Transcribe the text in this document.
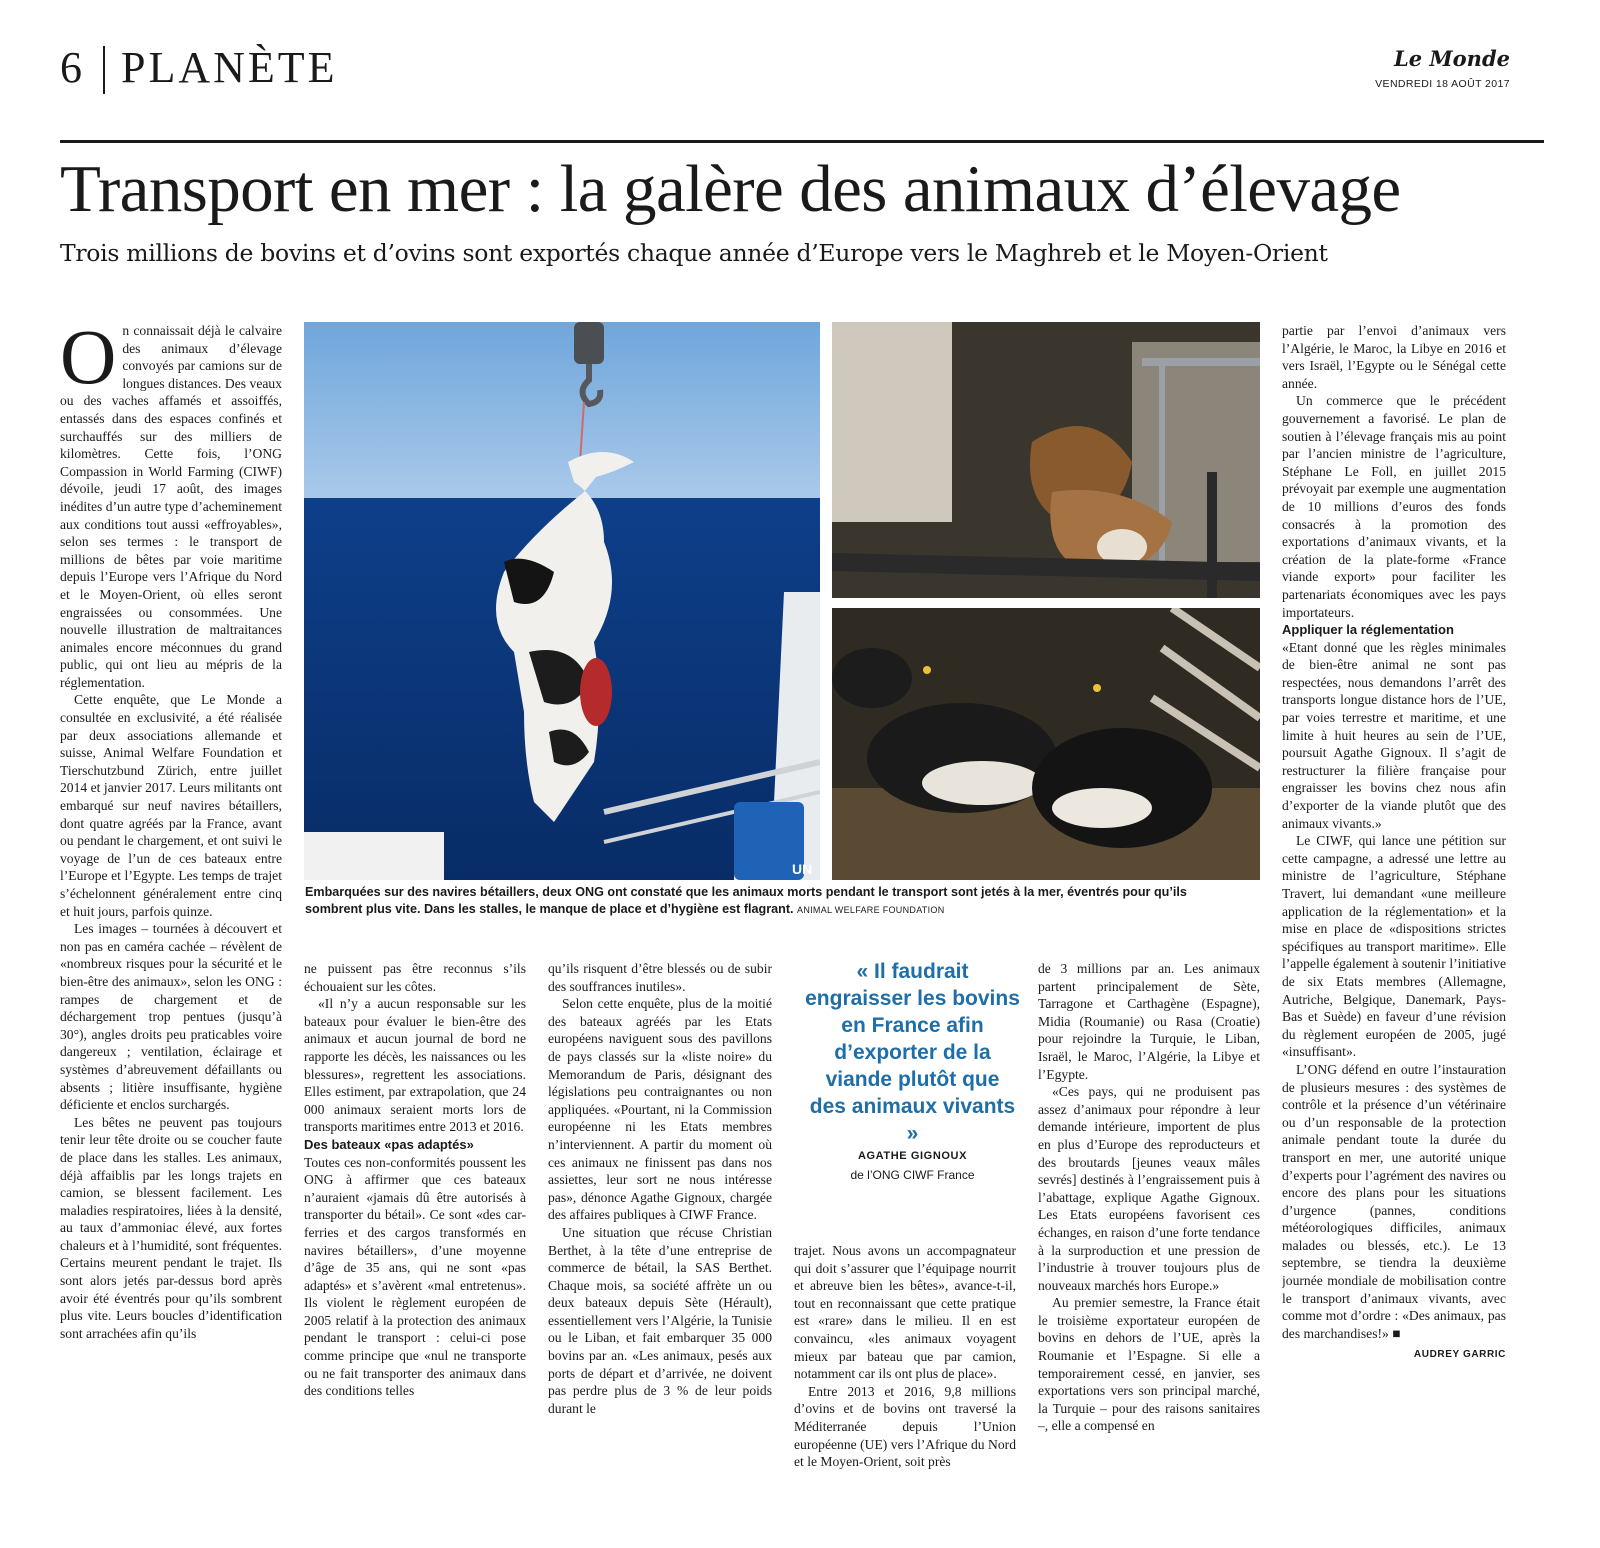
6 PLANÈTE	Le Monde
VENDREDI 18 AOÛT 2017
Transport en mer : la galère des animaux d’élevage
Trois millions de bovins et d’ovins sont exportés chaque année d’Europe vers le Maghreb et le Moyen-Orient
O n connaissait déjà le calvaire des animaux d’élevage convoyés par camions sur de longues distances. Des veaux ou des vaches affamés et assoiffés, entassés dans des espaces confinés et surchauffés sur des milliers de kilomètres. Cette fois, l’ONG Compassion in World Farming (CIWF) dévoile, jeudi 17 août, des images inédites d’un autre type d’acheminement aux conditions tout aussi «effroyables», selon ses termes : le transport de millions de bêtes par voie maritime depuis l’Europe vers l’Afrique du Nord et le Moyen-Orient, où elles seront engraissées ou consommées. Une nouvelle illustration de maltraitances animales encore méconnues du grand public, qui ont lieu au mépris de la réglementation.

Cette enquête, que Le Monde a consultée en exclusivité, a été réalisée par deux associations allemande et suisse, Animal Welfare Foundation et Tierschutzbund Zürich, entre juillet 2014 et janvier 2017. Leurs militants ont embarqué sur neuf navires bétaillers, dont quatre agréés par la France, avant ou pendant le chargement, et ont suivi le voyage de l’un de ces bateaux entre l’Europe et l’Egypte. Les temps de trajet s’échelonnent généralement entre cinq et huit jours, parfois quinze.

Les images – tournées à découvert et non pas en caméra cachée – révèlent de «nombreux risques pour la sécurité et le bien-être des animaux», selon les ONG : rampes de chargement et de déchargement trop pentues (jusqu’à 30°), angles droits peu praticables voire dangereux ; ventilation, éclairage et systèmes d’abreuvement défaillants ou absents ; litière insuffisante, hygiène déficiente et enclos surchargés.

Les bêtes ne peuvent pas toujours tenir leur tête droite ou se coucher faute de place dans les stalles. Les animaux, déjà affaiblis par les longs trajets en camion, se blessent facilement. Les maladies respiratoires, liées à la densité, au taux d’ammoniac élevé, aux fortes chaleurs et à l’humidité, sont fréquentes. Certains meurent pendant le trajet. Ils sont alors jetés par-dessus bord après avoir été éventrés pour qu’ils sombrent plus vite. Leurs boucles d’identification sont arrachées afin qu’ils

UN
Embarquées sur des navires bétaillers, deux ONG ont constaté que les animaux morts pendant le transport sont jetés à la mer, éventrés pour qu’ils sombrent plus vite. Dans les stalles, le manque de place et d’hygiène est flagrant. ANIMAL WELFARE FOUNDATION

ne puissent pas être reconnus s’ils échouaient sur les côtes.

«Il n’y a aucun responsable sur les bateaux pour évaluer le bien-être des animaux et aucun journal de bord ne rapporte les décès, les naissances ou les blessures», regrettent les associations. Elles estiment, par extrapolation, que 24 000 animaux seraient morts lors de transports maritimes entre 2013 et 2016.

Des bateaux «pas adaptés»

Toutes ces non-conformités poussent les ONG à affirmer que ces bateaux n’auraient «jamais dû être autorisés à transporter du bétail». Ce sont «des car-ferries et des cargos transformés en navires bétaillers», d’une moyenne d’âge de 35 ans, qui ne sont «pas adaptés» et s’avèrent «mal entretenus». Ils violent le règlement européen de 2005 relatif à la protection des animaux pendant le transport : celui-ci pose comme principe que «nul ne transporte ou ne fait transporter des animaux dans des conditions telles

qu’ils risquent d’être blessés ou de subir des souffrances inutiles».

Selon cette enquête, plus de la moitié des bateaux agréés par les Etats européens naviguent sous des pavillons de pays classés sur la «liste noire» du Memorandum de Paris, désignant des législations peu contraignantes ou non appliquées. «Pourtant, ni la Commission européenne ni les Etats membres n’interviennent. A partir du moment où ces animaux ne finissent pas dans nos assiettes, leur sort ne nous intéresse pas», dénonce Agathe Gignoux, chargée des affaires publiques à CIWF France.

Une situation que récuse Christian Berthet, à la tête d’une entreprise de commerce de bétail, la SAS Berthet. Chaque mois, sa société affrète un ou deux bateaux depuis Sète (Hérault), essentiellement vers l’Algérie, la Tunisie ou le Liban, et fait embarquer 35 000 bovins par an. «Les animaux, pesés aux ports de départ et d’arrivée, ne doivent pas perdre plus de 3 % de leur poids durant le

« Il faudrait engraisser les bovins en France afin d’exporter de la viande plutôt que des animaux vivants »
AGATHE GIGNOUX
de l’ONG CIWF France

trajet. Nous avons un accompagnateur qui doit s’assurer que l’équipage nourrit et abreuve bien les bêtes», avance-t-il, tout en reconnaissant que cette pratique est «rare» dans le milieu. Il en est convaincu, «les animaux voyagent mieux par bateau que par camion, notamment car ils ont plus de place».

Entre 2013 et 2016, 9,8 millions d’ovins et de bovins ont traversé la Méditerranée depuis l’Union européenne (UE) vers l’Afrique du Nord et le Moyen-Orient, soit près

de 3 millions par an. Les animaux partent principalement de Sète, Tarragone et Carthagène (Espagne), Midia (Roumanie) ou Rasa (Croatie) pour rejoindre la Turquie, le Liban, Israël, le Maroc, l’Algérie, la Libye et l’Egypte.

«Ces pays, qui ne produisent pas assez d’animaux pour répondre à leur demande intérieure, importent de plus en plus d’Europe des reproducteurs et des broutards [jeunes veaux mâles sevrés] destinés à l’engraissement puis à l’abattage, explique Agathe Gignoux. Les Etats européens favorisent ces échanges, en raison d’une forte tendance à la surproduction et une pression de l’industrie à trouver toujours plus de nouveaux marchés hors Europe.»

Au premier semestre, la France était le troisième exportateur européen de bovins en dehors de l’UE, après la Roumanie et l’Espagne. Si elle a temporairement cessé, en janvier, ses exportations vers son principal marché, la Turquie – pour des raisons sanitaires –, elle a compensé en

partie par l’envoi d’animaux vers l’Algérie, le Maroc, la Libye en 2016 et vers Israël, l’Egypte ou le Sénégal cette année.

Un commerce que le précédent gouvernement a favorisé. Le plan de soutien à l’élevage français mis au point par l’ancien ministre de l’agriculture, Stéphane Le Foll, en juillet 2015 prévoyait par exemple une augmentation de 10 millions d’euros des fonds consacrés à la promotion des exportations d’animaux vivants, et la création de la plate-forme «France viande export» pour faciliter les partenariats économiques avec les pays importateurs.

Appliquer la réglementation

«Etant donné que les règles minimales de bien-être animal ne sont pas respectées, nous demandons l’arrêt des transports longue distance hors de l’UE, par voies terrestre et maritime, et une limite à huit heures au sein de l’UE, poursuit Agathe Gignoux. Il s’agit de restructurer la filière française pour engraisser les bovins chez nous afin d’exporter de la viande plutôt que des animaux vivants.»

Le CIWF, qui lance une pétition sur cette campagne, a adressé une lettre au ministre de l’agriculture, Stéphane Travert, lui demandant «une meilleure application de la réglementation» et la mise en place de «dispositions strictes spécifiques au transport maritime». Elle l’appelle également à soutenir l’initiative de six Etats membres (Allemagne, Autriche, Belgique, Danemark, Pays-Bas et Suède) en faveur d’une révision du règlement européen de 2005, jugé «insuffisant».

L’ONG défend en outre l’instauration de plusieurs mesures : des systèmes de contrôle et la présence d’un vétérinaire ou d’un responsable de la protection animale pendant toute la durée du transport en mer, une autorité unique d’experts pour l’agrément des navires ou encore des plans pour les situations d’urgence (pannes, conditions météorologiques difficiles, animaux malades ou blessés, etc.). Le 13 septembre, se tiendra la deuxième journée mondiale de mobilisation contre le transport d’animaux vivants, avec comme mot d’ordre : «Des animaux, pas des marchandises!» ■

AUDREY GARRIC
